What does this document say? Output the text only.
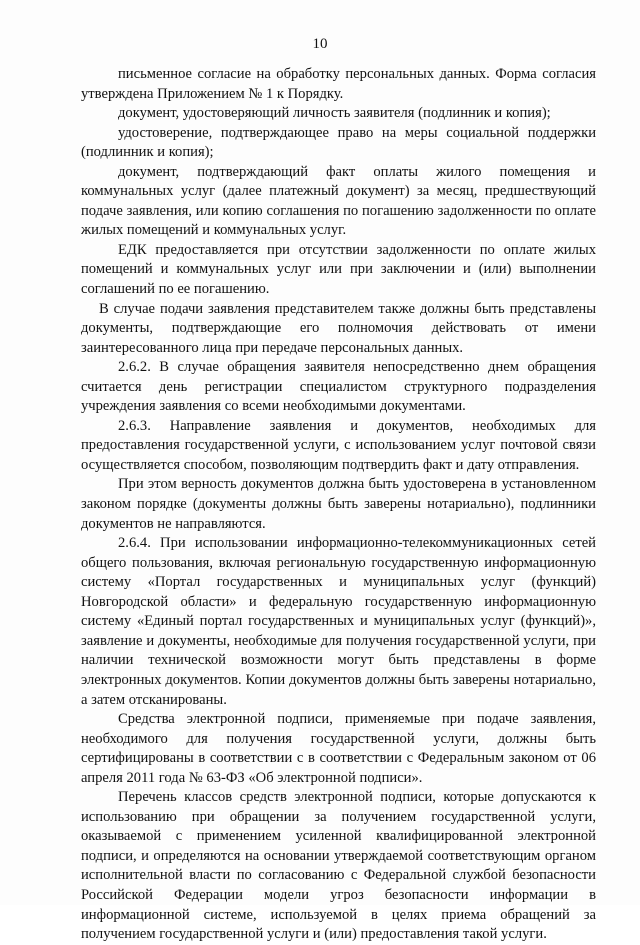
10

письменное согласие на обработку персональных данных. Форма согласия утверждена Приложением № 1 к Порядку.

документ, удостоверяющий личность заявителя (подлинник и копия);

удостоверение, подтверждающее право на меры социальной поддержки (подлинник и копия);

документ, подтверждающий факт оплаты жилого помещения и коммунальных услуг (далее платежный документ) за месяц, предшествующий подаче заявления, или копию соглашения по погашению задолженности по оплате жилых помещений и коммунальных услуг.

ЕДК предоставляется при отсутствии задолженности по оплате жилых помещений и коммунальных услуг или при заключении и (или) выполнении соглашений по ее погашению.

В случае подачи заявления представителем также должны быть представлены документы, подтверждающие его полномочия действовать от имени заинтересованного лица при передаче персональных данных.

2.6.2. В случае обращения заявителя непосредственно днем обращения считается день регистрации специалистом структурного подразделения учреждения заявления со всеми необходимыми документами.

2.6.3. Направление заявления и документов, необходимых для предоставления государственной услуги, с использованием услуг почтовой связи осуществляется способом, позволяющим подтвердить факт и дату отправления.

При этом верность документов должна быть удостоверена в установленном законом порядке (документы должны быть заверены нотариально), подлинники документов не направляются.

2.6.4. При использовании информационно-телекоммуникационных сетей общего пользования, включая региональную государственную информационную систему «Портал государственных и муниципальных услуг (функций) Новгородской области» и федеральную государственную информационную систему «Единый портал государственных и муниципальных услуг (функций)», заявление и документы, необходимые для получения государственной услуги, при наличии технической возможности могут быть представлены в форме электронных документов. Копии документов должны быть заверены нотариально, а затем отсканированы.

Средства электронной подписи, применяемые при подаче заявления, необходимого для получения государственной услуги, должны быть сертифицированы в соответствии с в соответствии с Федеральным законом от 06 апреля 2011 года № 63-ФЗ «Об электронной подписи».

Перечень классов средств электронной подписи, которые допускаются к использованию при обращении за получением государственной услуги, оказываемой с применением усиленной квалифицированной электронной подписи, и определяются на основании утверждаемой соответствующим органом исполнительной власти по согласованию с Федеральной службой безопасности Российской Федерации модели угроз безопасности информации в информационной системе, используемой в целях приема обращений за получением государственной услуги и (или) предоставления такой услуги.
